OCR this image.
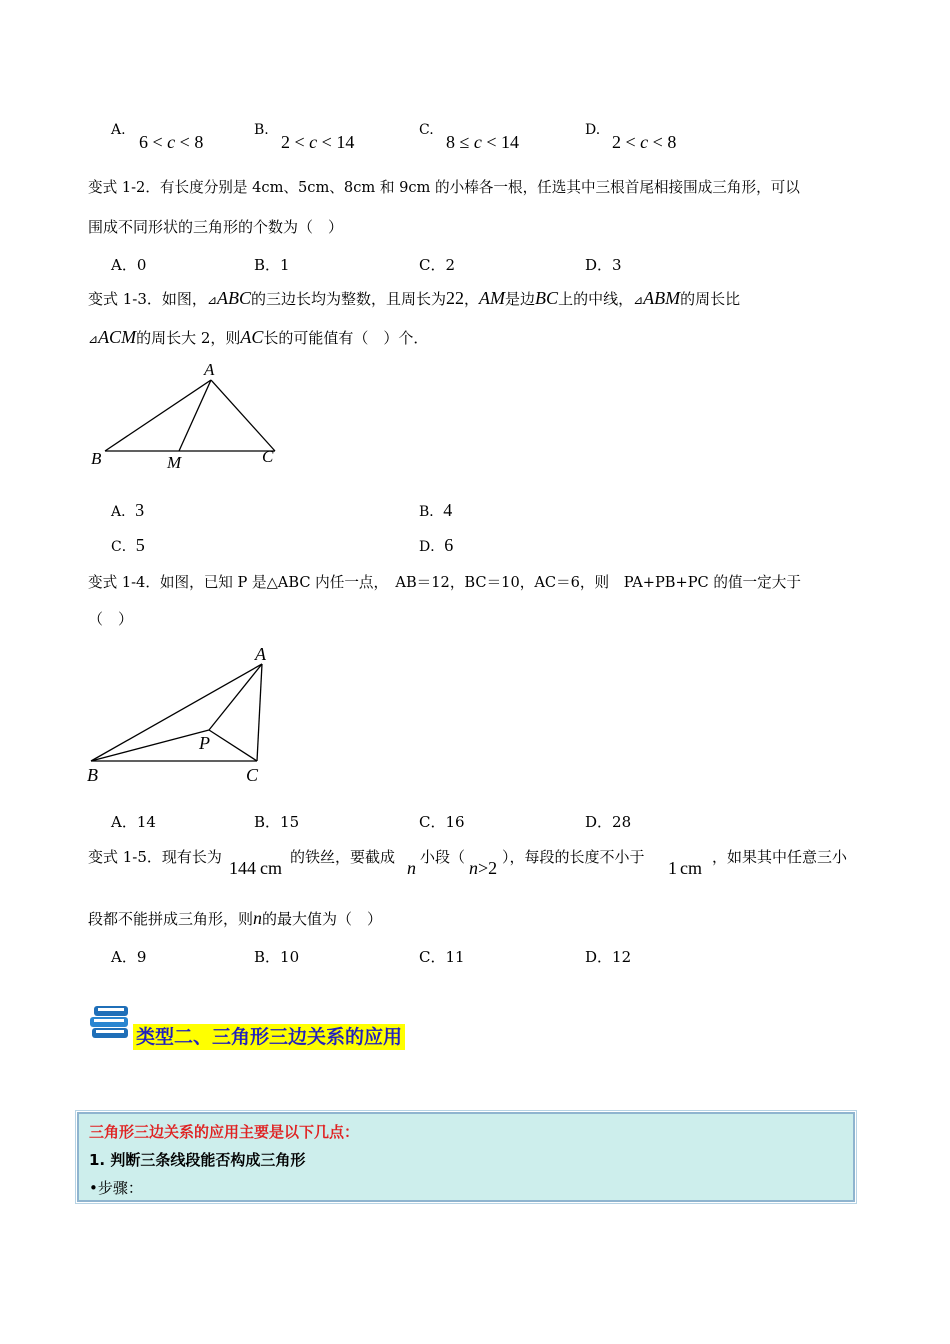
A.
6 < c < 8
B.
2 < c < 14
C.
8 ≤ c < 14
D.
2 < c < 8
变式 1-2．有长度分别是 4cm、5cm、8cm 和 9cm 的小棒各一根，任选其中三根首尾相接围成三角形，可以
围成不同形状的三角形的个数为（　）
A．0	B．1	C．2	D．3
变式 1-3．如图，⊿ABC的三边长均为整数，且周长为22，AM是边BC上的中线，⊿ABM的周长比
⊿ACM的周长大 2，则AC长的可能值有（　）个．
A
B	M	C
A．3	B．4
C．5	D．6
变式 1-4．如图，已知 P 是△ABC 内任一点，　AB＝12，BC＝10，AC＝6，则　PA+PB+PC 的值一定大于
（　）
A
B	C
P
A．14	B．15	C．16	D．28
变式 1-5．现有长为
144 cm
的铁丝，要截成
n
小段（
n>2
），每段的长度不小于
1 cm
，如果其中任意三小
段都不能拼成三角形，则n的最大值为（　）
A．9	B．10	C．11	D．12
类型二、三角形三边关系的应用
三角形三边关系的应用主要是以下几点：
1. 判断三条线段能否构成三角形
•步骤：
